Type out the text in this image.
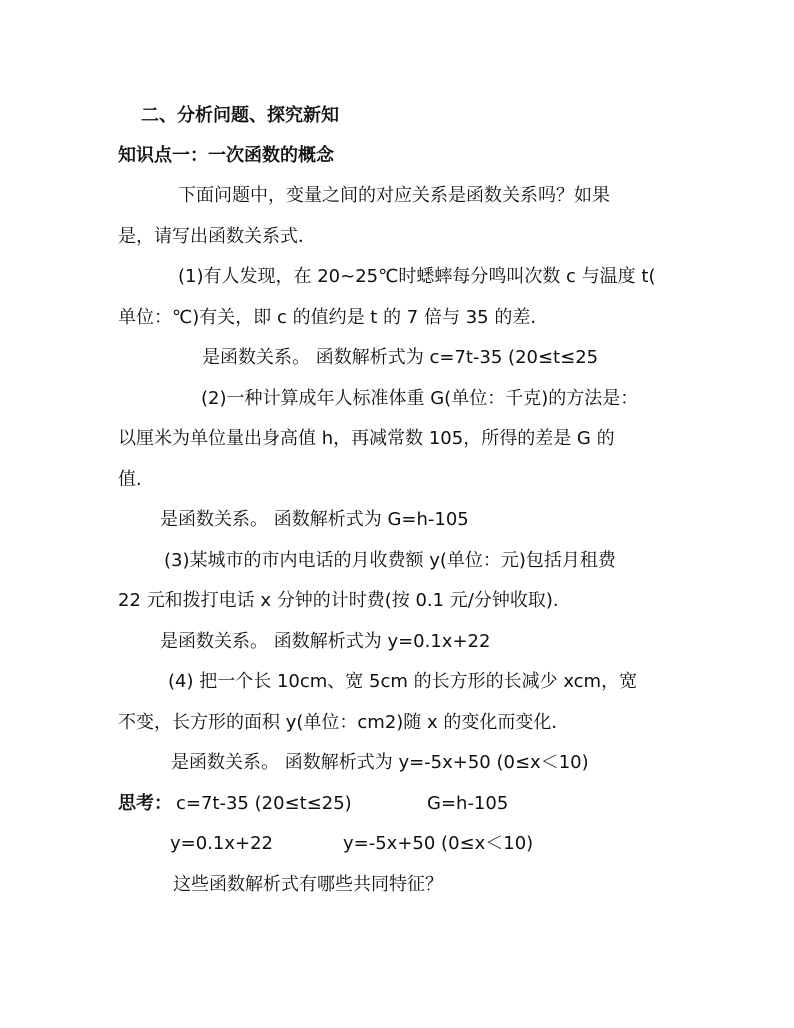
二、分析问题、探究新知
知识点一：一次函数的概念
下面问题中，变量之间的对应关系是函数关系吗？如果
是，请写出函数关系式．
(1)有人发现，在 20~25℃时蟋蟀每分鸣叫次数 c 与温度 t(
单位：℃)有关，即 c 的值约是 t 的 7 倍与 35 的差.
是函数关系。 函数解析式为 c=7t-35 (20≤t≤25
(2)一种计算成年人标准体重 G(单位：千克)的方法是：
以厘米为单位量出身高值 h，再减常数 105，所得的差是 G 的
值.
是函数关系。 函数解析式为 G=h-105
(3)某城市的市内电话的月收费额 y(单位：元)包括月租费
22 元和拨打电话 x 分钟的计时费(按 0.1 元/分钟收取).
是函数关系。 函数解析式为 y=0.1x+22
(4) 把一个长 10cm、宽 5cm 的长方形的长减少 xcm，宽
不变，长方形的面积 y(单位：cm2)随 x 的变化而变化．
是函数关系。 函数解析式为 y=-5x+50 (0≤x＜10)
思考： c=7t-35 (20≤t≤25)	G=h-105
y=0.1x+22	y=-5x+50 (0≤x＜10)
这些函数解析式有哪些共同特征？
